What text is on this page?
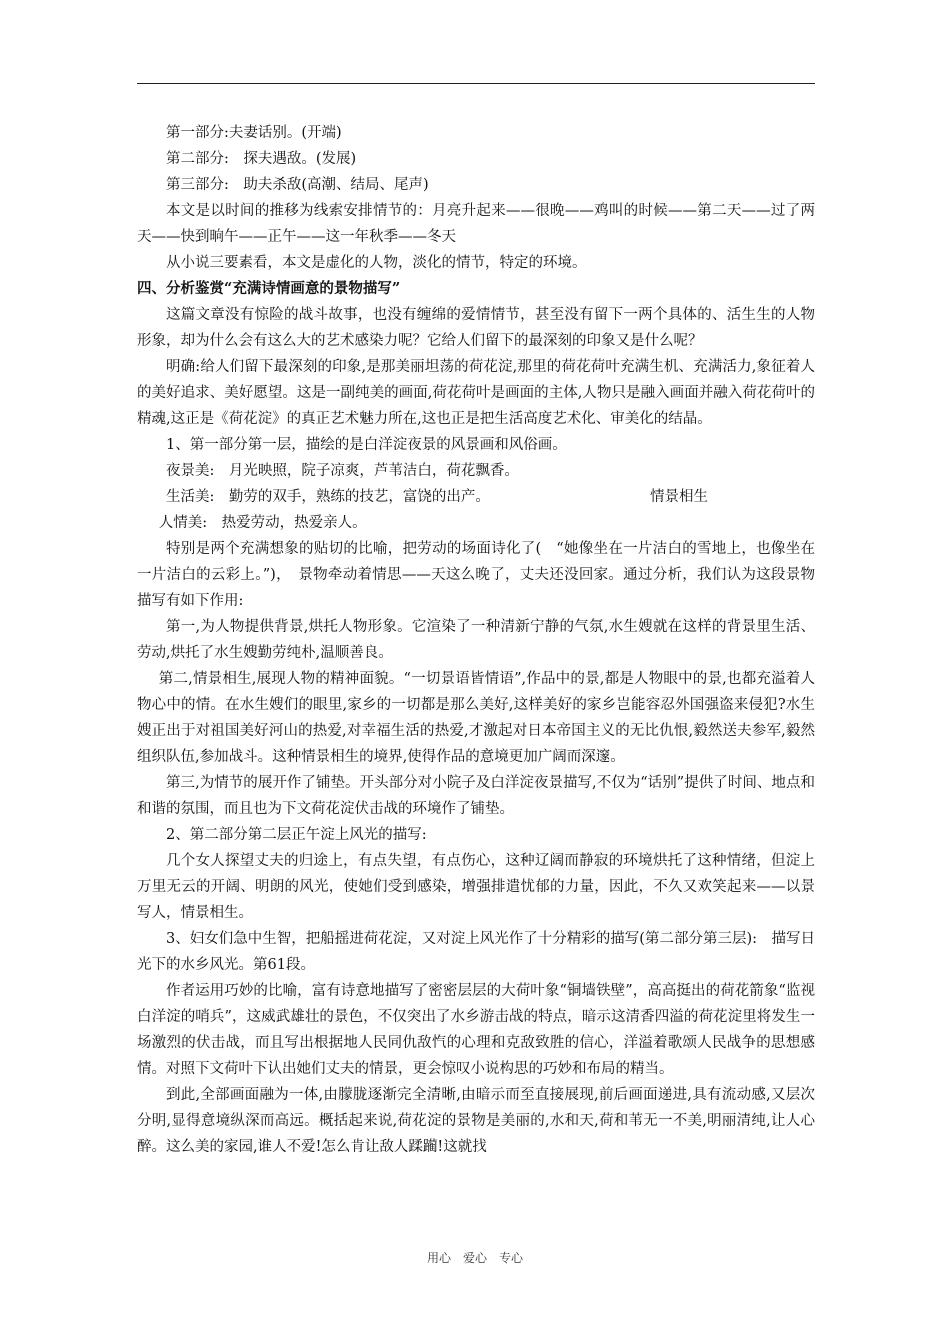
第一部分:夫妻话别。(开端)

第二部分:　探夫遇敌。(发展)

第三部分:　助夫杀敌(高潮、结局、尾声)

本文是以时间的推移为线索安排情节的：月亮升起来——很晚——鸡叫的时候——第二天——过了两天——快到晌午——正午——这一年秋季——冬天

从小说三要素看，本文是虚化的人物，淡化的情节，特定的环境。

四、分析鉴赏“充满诗情画意的景物描写”

这篇文章没有惊险的战斗故事，也没有缠绵的爱情情节，甚至没有留下一两个具体的、活生生的人物形象，却为什么会有这么大的艺术感染力呢？它给人们留下的最深刻的印象又是什么呢？

明确:给人们留下最深刻的印象,是那美丽坦荡的荷花淀,那里的荷花荷叶充满生机、充满活力,象征着人的美好追求、美好愿望。这是一副纯美的画面,荷花荷叶是画面的主体,人物只是融入画面并融入荷花荷叶的精魂,这正是《荷花淀》的真正艺术魅力所在,这也正是把生活高度艺术化、审美化的结晶。

1、第一部分第一层，描绘的是白洋淀夜景的风景画和风俗画。

夜景美:　月光映照，院子凉爽，芦苇洁白，荷花飘香。

生活美:　勤劳的双手，熟练的技艺，富饶的出产。	情景相生

人情美:　热爱劳动，热爱亲人。

特别是两个充满想象的贴切的比喻，把劳动的场面诗化了(　“她像坐在一片洁白的雪地上，也像坐在一片洁白的云彩上。”)，　景物牵动着情思——天这么晚了，丈夫还没回家。通过分析，我们认为这段景物描写有如下作用:

第一,为人物提供背景,烘托人物形象。它渲染了一种清新宁静的气氛,水生嫂就在这样的背景里生活、劳动,烘托了水生嫂勤劳纯朴,温顺善良。

第二,情景相生,展现人物的精神面貌。“一切景语皆情语”,作品中的景,都是人物眼中的景,也都充溢着人物心中的情。在水生嫂们的眼里,家乡的一切都是那么美好,这样美好的家乡岂能容忍外国强盗来侵犯?水生嫂正出于对祖国美好河山的热爱,对幸福生活的热爱,才激起对日本帝国主义的无比仇恨,毅然送夫参军,毅然组织队伍,参加战斗。这种情景相生的境界,使得作品的意境更加广阔而深邃。

第三,为情节的展开作了铺垫。开头部分对小院子及白洋淀夜景描写,不仅为“话别”提供了时间、地点和和谐的氛围，而且也为下文荷花淀伏击战的环境作了铺垫。

2、第二部分第二层正午淀上风光的描写:

几个女人探望丈夫的归途上，有点失望，有点伤心，这种辽阔而静寂的环境烘托了这种情绪，但淀上万里无云的开阔、明朗的风光，使她们受到感染，增强排遣忧郁的力量，因此，不久又欢笑起来——以景写人，情景相生。

3、妇女们急中生智，把船摇进荷花淀，又对淀上风光作了十分精彩的描写(第二部分第三层):　描写日光下的水乡风光。第61段。

作者运用巧妙的比喻，富有诗意地描写了密密层层的大荷叶象“铜墙铁壁”，高高挺出的荷花箭象“监视白洋淀的哨兵”，这威武雄壮的景色，不仅突出了水乡游击战的特点，暗示这清香四溢的荷花淀里将发生一场激烈的伏击战，而且写出根据地人民同仇敌忾的心理和克敌致胜的信心，洋溢着歌颂人民战争的思想感情。对照下文荷叶下认出她们丈夫的情景，更会惊叹小说构思的巧妙和布局的精当。

到此,全部画面融为一体,由朦胧逐渐完全清晰,由暗示而至直接展现,前后画面递进,具有流动感,又层次分明,显得意境纵深而高远。概括起来说,荷花淀的景物是美丽的,水和天,荷和苇无一不美,明丽清纯,让人心醉。这么美的家园,谁人不爱!怎么肯让敌人蹂躏!这就找

用心　爱心　专心
